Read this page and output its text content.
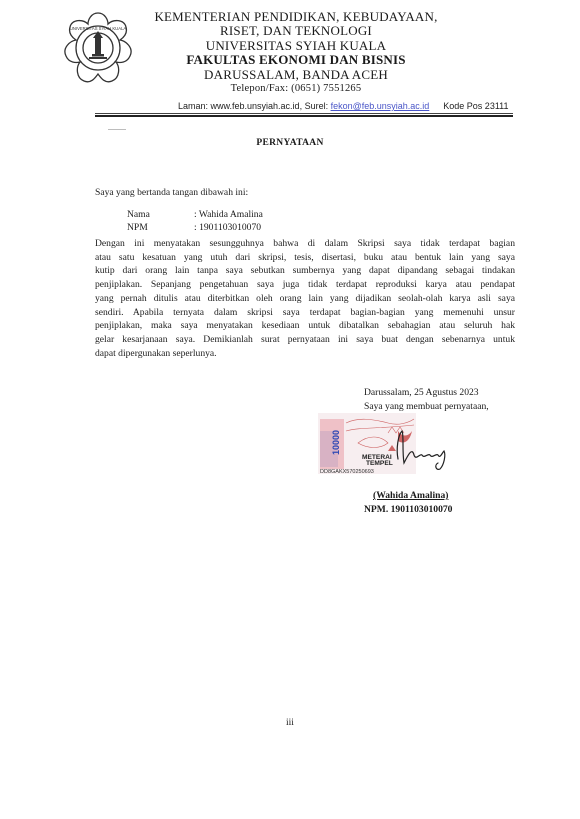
UNIVERSITAS SYIAH KUALA
KEMENTERIAN PENDIDIKAN, KEBUDAYAAN,
RISET, DAN TEKNOLOGI
UNIVERSITAS SYIAH KUALA
FAKULTAS EKONOMI DAN BISNIS
DARUSSALAM, BANDA ACEH
Telepon/Fax: (0651) 7551265
Laman: www.feb.unsyiah.ac.id, Surel: fekon@feb.unsyiah.ac.id Kode Pos 23111
PERNYATAAN
Saya yang bertanda tangan dibawah ini:
Nama	: Wahida Amalina
NPM	: 1901103010070
Dengan ini menyatakan sesungguhnya bahwa di dalam Skripsi saya tidak terdapat bagian
atau satu kesatuan yang utuh dari skripsi, tesis, disertasi, buku atau bentuk lain yang saya
kutip dari orang lain tanpa saya sebutkan sumbernya yang dapat dipandang sebagai tindakan
penjiplakan. Sepanjang pengetahuan saya juga tidak terdapat reproduksi karya atau pendapat
yang pernah ditulis atau diterbitkan oleh orang lain yang dijadikan seolah-olah karya asli saya
sendiri. Apabila ternyata dalam skripsi saya terdapat bagian-bagian yang memenuhi unsur
penjiplakan, maka saya menyatakan kesediaan untuk dibatalkan sebahagian atau seluruh hak
gelar kesarjanaan saya. Demikianlah surat pernyataan ini saya buat dengan sebenarnya untuk
dapat dipergunakan seperlunya.
Darussalam, 25 Agustus 2023
Saya yang membuat pernyataan,
10000
METERAI
TEMPEL
DD8GAKX570250693
(Wahida Amalina)
NPM. 1901103010070
iii
